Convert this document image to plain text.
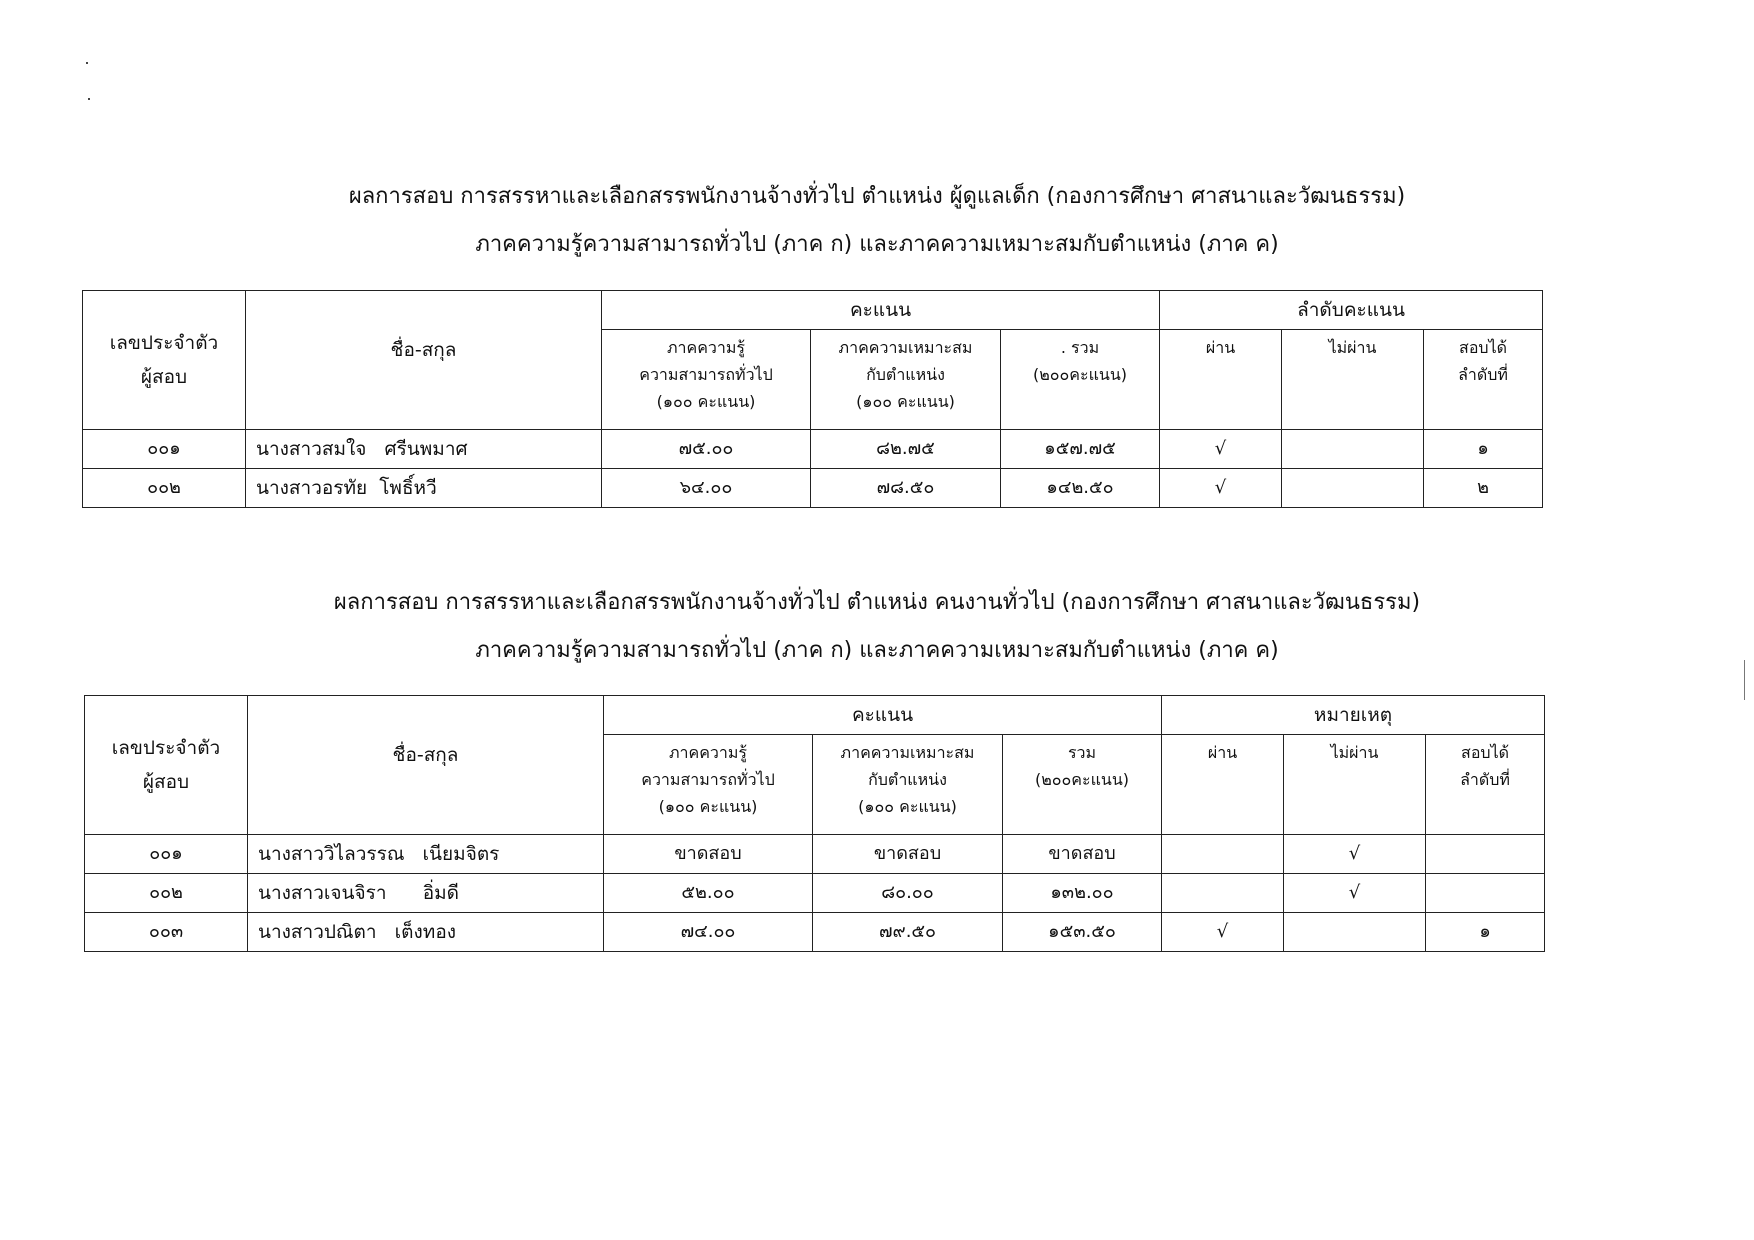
ผลการสอบ การสรรหาและเลือกสรรพนักงานจ้างทั่วไป ตำแหน่ง ผู้ดูแลเด็ก (กองการศึกษา ศาสนาและวัฒนธรรม)
ภาคความรู้ความสามารถทั่วไป (ภาค ก) และภาคความเหมาะสมกับตำแหน่ง (ภาค ค)
เลขประจำตัว
ผู้สอบ	ชื่อ-สกุล	คะแนน			ลำดับคะแนน		

		ภาคความรู้
ความสามารถทั่วไป
(๑๐๐ คะแนน)	ภาคความเหมาะสม
กับตำแหน่ง
(๑๐๐ คะแนน)	. รวม
(๒๐๐คะแนน)	ผ่าน	ไม่ผ่าน	สอบได้
ลำดับที่

๐๐๑	นางสาวสมใจ   ศรีนพมาศ	๗๕.๐๐	๘๒.๗๕	๑๕๗.๗๕	√		๑
๐๐๒	นางสาวอรทัย  โพธิ์หวี	๖๔.๐๐	๗๘.๕๐	๑๔๒.๕๐	√		๒
ผลการสอบ การสรรหาและเลือกสรรพนักงานจ้างทั่วไป ตำแหน่ง คนงานทั่วไป (กองการศึกษา ศาสนาและวัฒนธรรม)
ภาคความรู้ความสามารถทั่วไป (ภาค ก) และภาคความเหมาะสมกับตำแหน่ง (ภาค ค)
เลขประจำตัว
ผู้สอบ	ชื่อ-สกุล	คะแนน			หมายเหตุ		

		ภาคความรู้
ความสามารถทั่วไป
(๑๐๐ คะแนน)	ภาคความเหมาะสม
กับตำแหน่ง
(๑๐๐ คะแนน)	รวม
(๒๐๐คะแนน)	ผ่าน	ไม่ผ่าน	สอบได้
ลำดับที่

๐๐๑	นางสาววิไลวรรณ   เนียมจิตร	ขาดสอบ	ขาดสอบ	ขาดสอบ		√	
๐๐๒	นางสาวเจนจิรา      อิ่มดี	๕๒.๐๐	๘๐.๐๐	๑๓๒.๐๐		√	
๐๐๓	นางสาวปณิตา   เต็งทอง	๗๔.๐๐	๗๙.๕๐	๑๕๓.๕๐	√		๑
